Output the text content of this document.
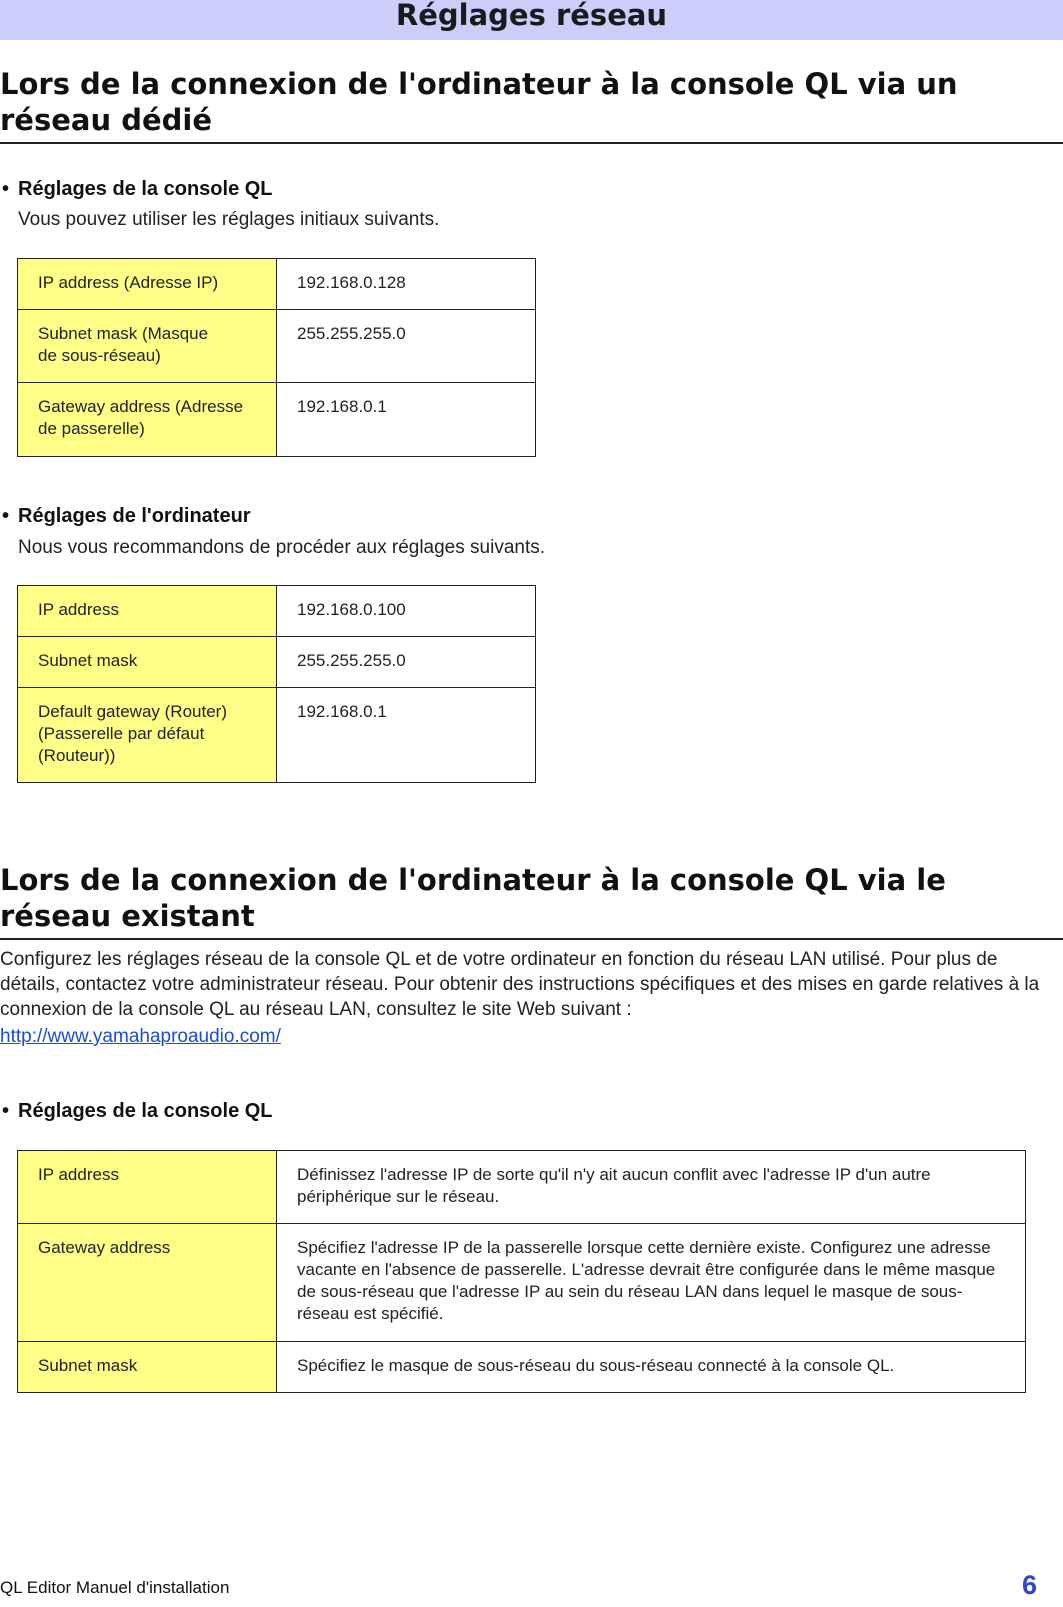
Réglages réseau
Lors de la connexion de l'ordinateur à la console QL via un réseau dédié
• Réglages de la console QL
Vous pouvez utiliser les réglages initiaux suivants.
IP address (Adresse IP)	192.168.0.128
Subnet mask (Masque de sous-réseau)	255.255.255.0
Gateway address (Adresse de passerelle)	192.168.0.1
• Réglages de l'ordinateur
Nous vous recommandons de procéder aux réglages suivants.
IP address	192.168.0.100
Subnet mask	255.255.255.0
Default gateway (Router) (Passerelle par défaut (Routeur))	192.168.0.1
Lors de la connexion de l'ordinateur à la console QL via le réseau existant
Configurez les réglages réseau de la console QL et de votre ordinateur en fonction du réseau LAN utilisé. Pour plus de détails, contactez votre administrateur réseau. Pour obtenir des instructions spécifiques et des mises en garde relatives à la connexion de la console QL au réseau LAN, consultez le site Web suivant :
http://www.yamahaproaudio.com/
• Réglages de la console QL
IP address	Définissez l'adresse IP de sorte qu'il n'y ait aucun conflit avec l'adresse IP d'un autre périphérique sur le réseau.
Gateway address	Spécifiez l'adresse IP de la passerelle lorsque cette dernière existe. Configurez une adresse vacante en l'absence de passerelle. L'adresse devrait être configurée dans le même masque de sous-réseau que l'adresse IP au sein du réseau LAN dans lequel le masque de sous-réseau est spécifié.
Subnet mask	Spécifiez le masque de sous-réseau du sous-réseau connecté à la console QL.
QL Editor Manuel d'installation	6
